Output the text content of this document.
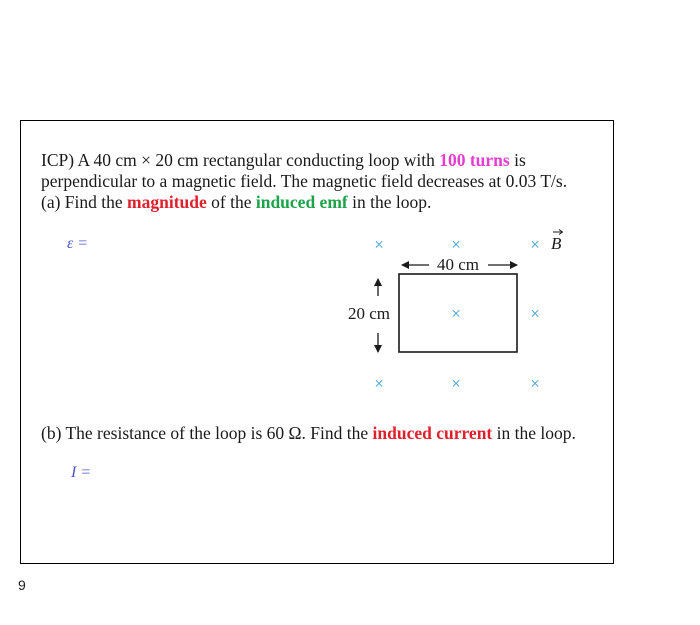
ICP) A 40 cm × 20 cm rectangular conducting loop with 100 turns is
perpendicular to a magnetic field. The magnetic field decreases at 0.03 T/s.
(a) Find the magnitude of the induced emf in the loop.
ε =	×	×	×
×	×
×	×	×
B
40 cm
20 cm
(b) The resistance of the loop is 60 Ω. Find the induced current in the loop.
I =
9
